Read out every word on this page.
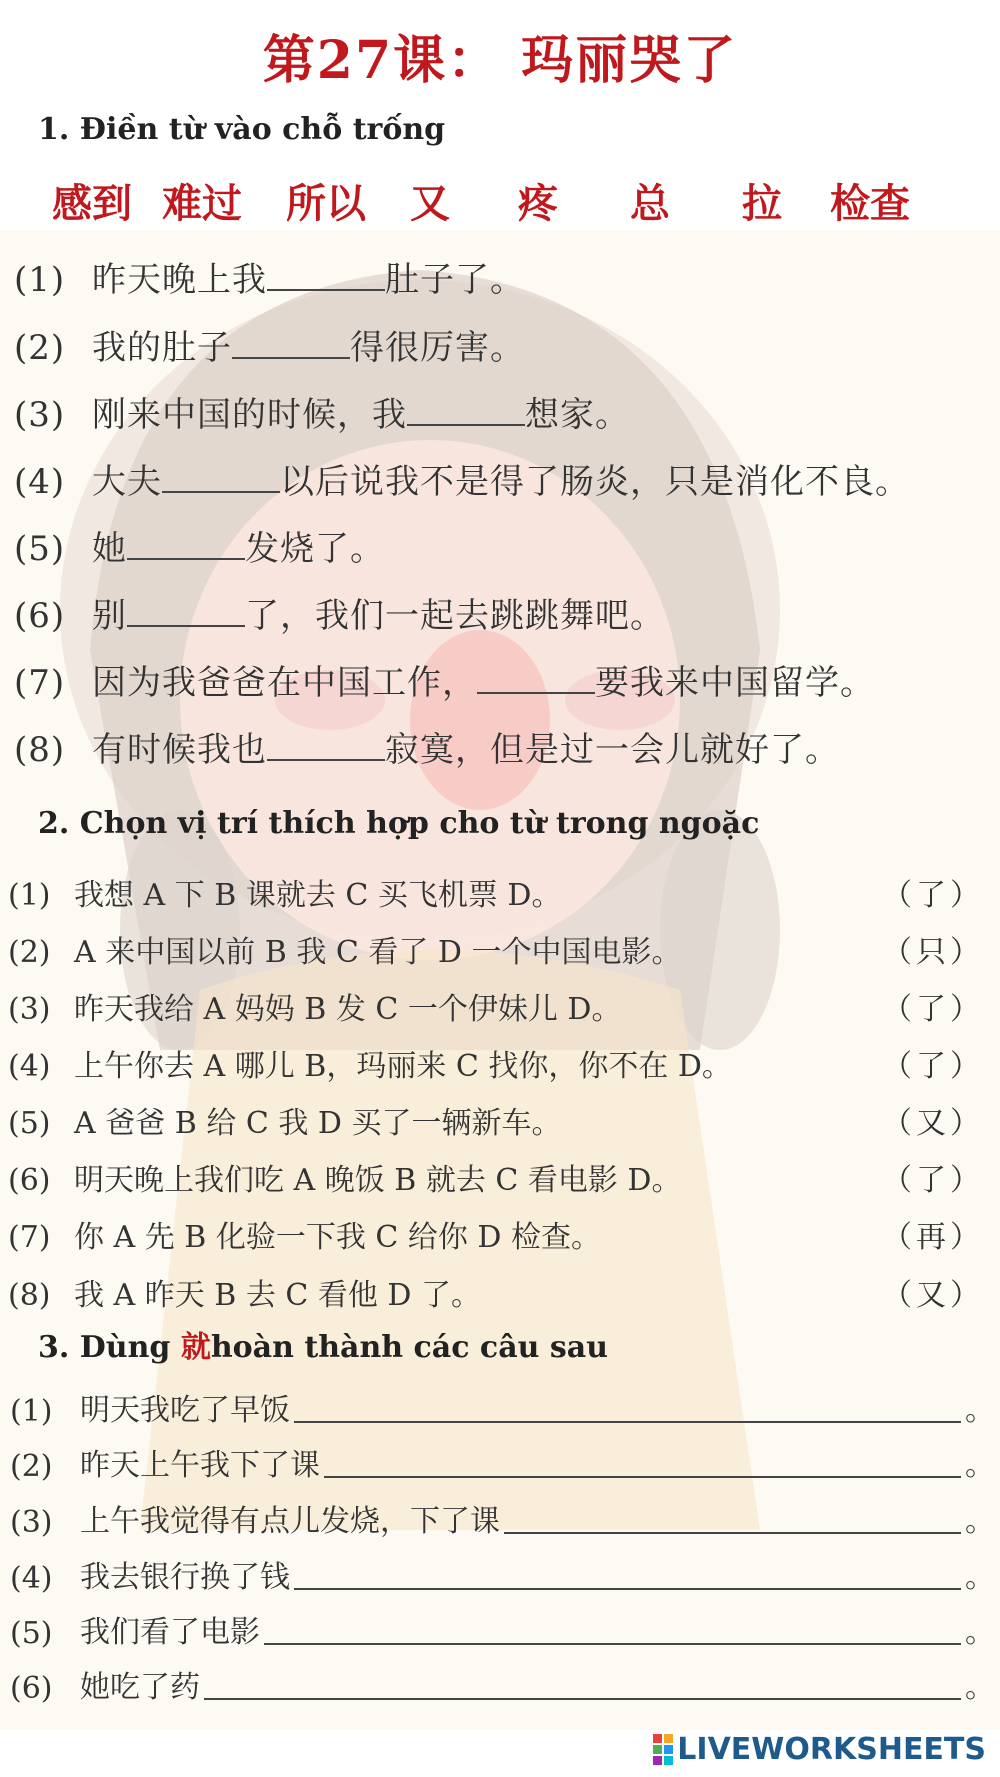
第27课： 玛丽哭了
1. Điền từ vào chỗ trống
感到 难过 所以 又 疼 总 拉 检查
(1) 昨天晚上我	肚子了。
(2) 我的肚子	得很厉害。
(3) 刚来中国的时候，我	想家。
(4) 大夫	以后说我不是得了肠炎，只是消化不良。
(5) 她	发烧了。
(6) 别	了，我们一起去跳跳舞吧。
(7) 因为我爸爸在中国工作，	要我来中国留学。
(8) 有时候我也	寂寞，但是过一会儿就好了。
2. Chọn vị trí thích hợp cho từ trong ngoặc
(1) 我想 A 下 B 课就去 C 买飞机票 D。	（了）
(2) A 来中国以前 B 我 C 看了 D 一个中国电影。	（只）
(3) 昨天我给 A 妈妈 B 发 C 一个伊妹儿 D。	（了）
(4) 上午你去 A 哪儿 B，玛丽来 C 找你，你不在 D。	（了）
(5) A 爸爸 B 给 C 我 D 买了一辆新车。	（又）
(6) 明天晚上我们吃 A 晚饭 B 就去 C 看电影 D。	（了）
(7) 你 A 先 B 化验一下我 C 给你 D 检查。	（再）
(8) 我 A 昨天 B 去 C 看他 D 了。	（又）
3. Dùng 就hoàn thành các câu sau
(1) 明天我吃了早饭	。
(2) 昨天上午我下了课	。
(3) 上午我觉得有点儿发烧，下了课	。
(4) 我去银行换了钱	。
(5) 我们看了电影	。
(6) 她吃了药	。
LIVEWORKSHEETS
